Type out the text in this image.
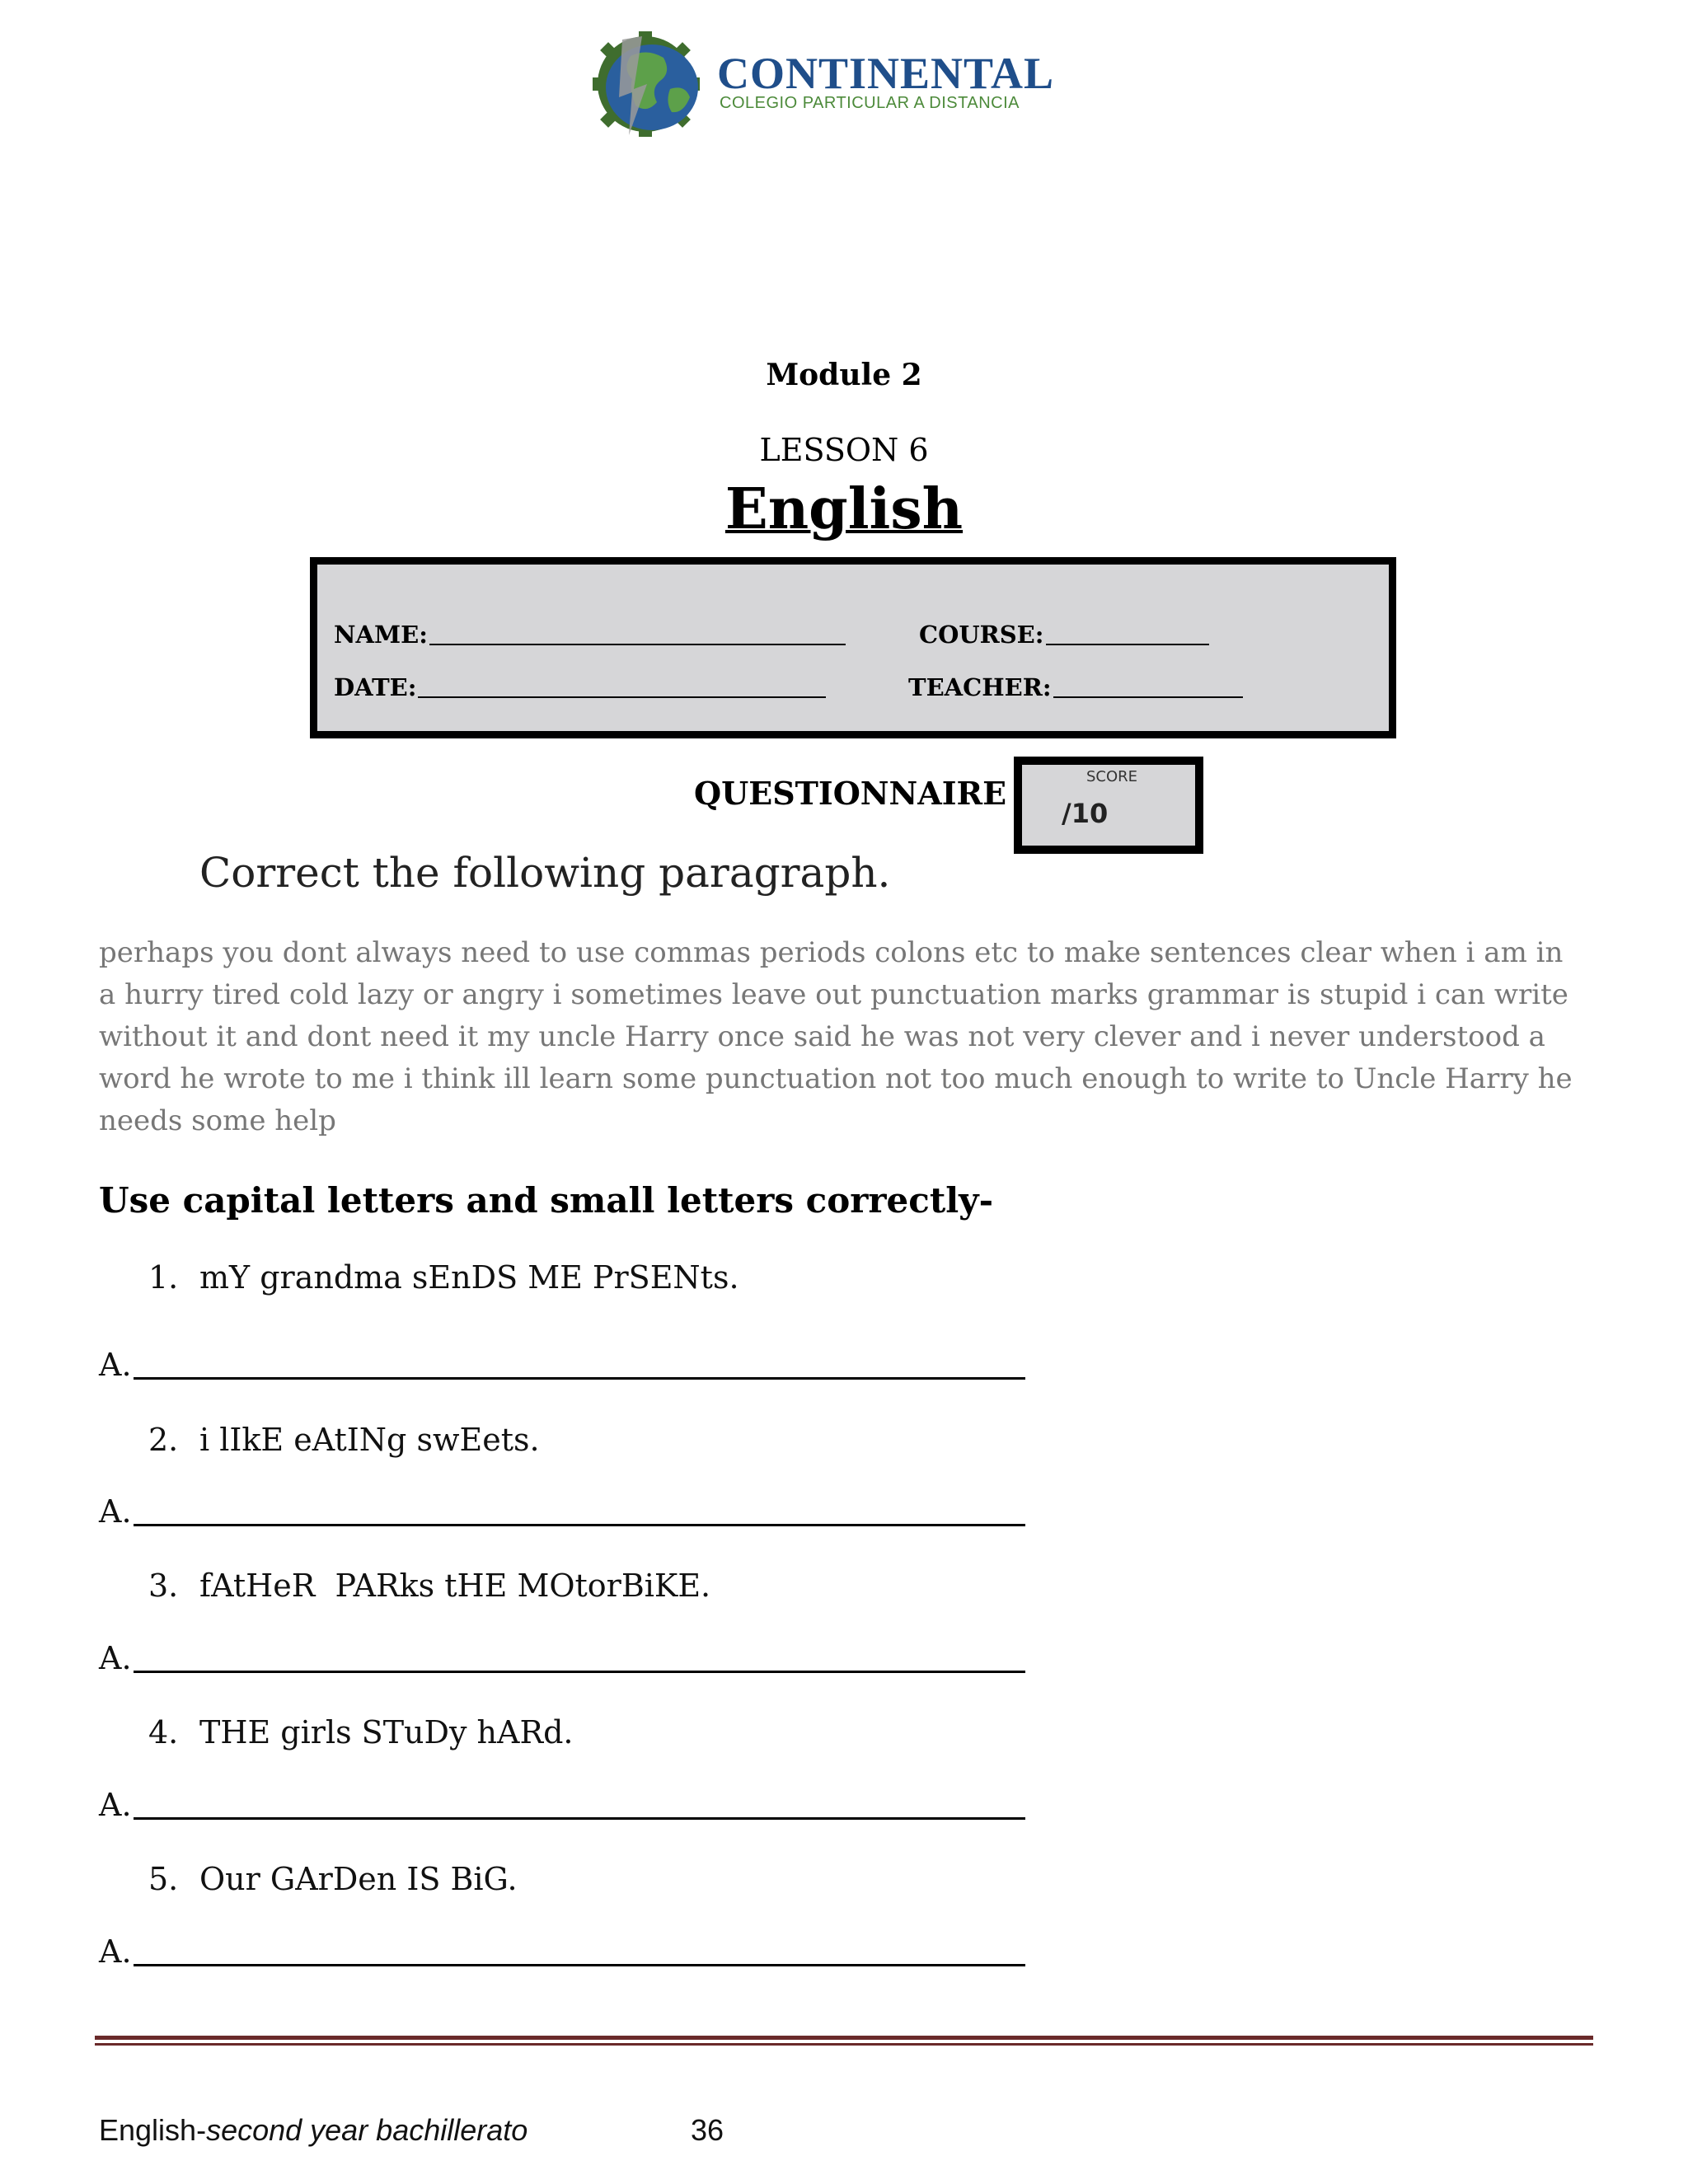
CONTINENTAL
COLEGIO PARTICULAR A DISTANCIA
Module 2
LESSON 6
English
NAME:	COURSE:
DATE:	TEACHER:
QUESTIONNAIRE	SCORE
/10
Correct the following paragraph.
perhaps you dont always need to use commas periods colons etc to make sentences clear when i am in a hurry tired cold lazy or angry i sometimes leave out punctuation marks grammar is stupid i can write without it and dont need it my uncle Harry once said he was not very clever and i never understood a word he wrote to me i think ill learn some punctuation not too much enough to write to Uncle Harry he needs some help
Use capital letters and small letters correctly-
1. mY grandma sEnDS ME PrSENts.
A.
2. i lIkE eAtINg swEets.
A.
3. fAtHeR  PARks tHE MOtorBiKE.
A.
4. THE girls STuDy hARd.
A.
5. Our GArDen IS BiG.
A.
English-second year bachillerato	36
